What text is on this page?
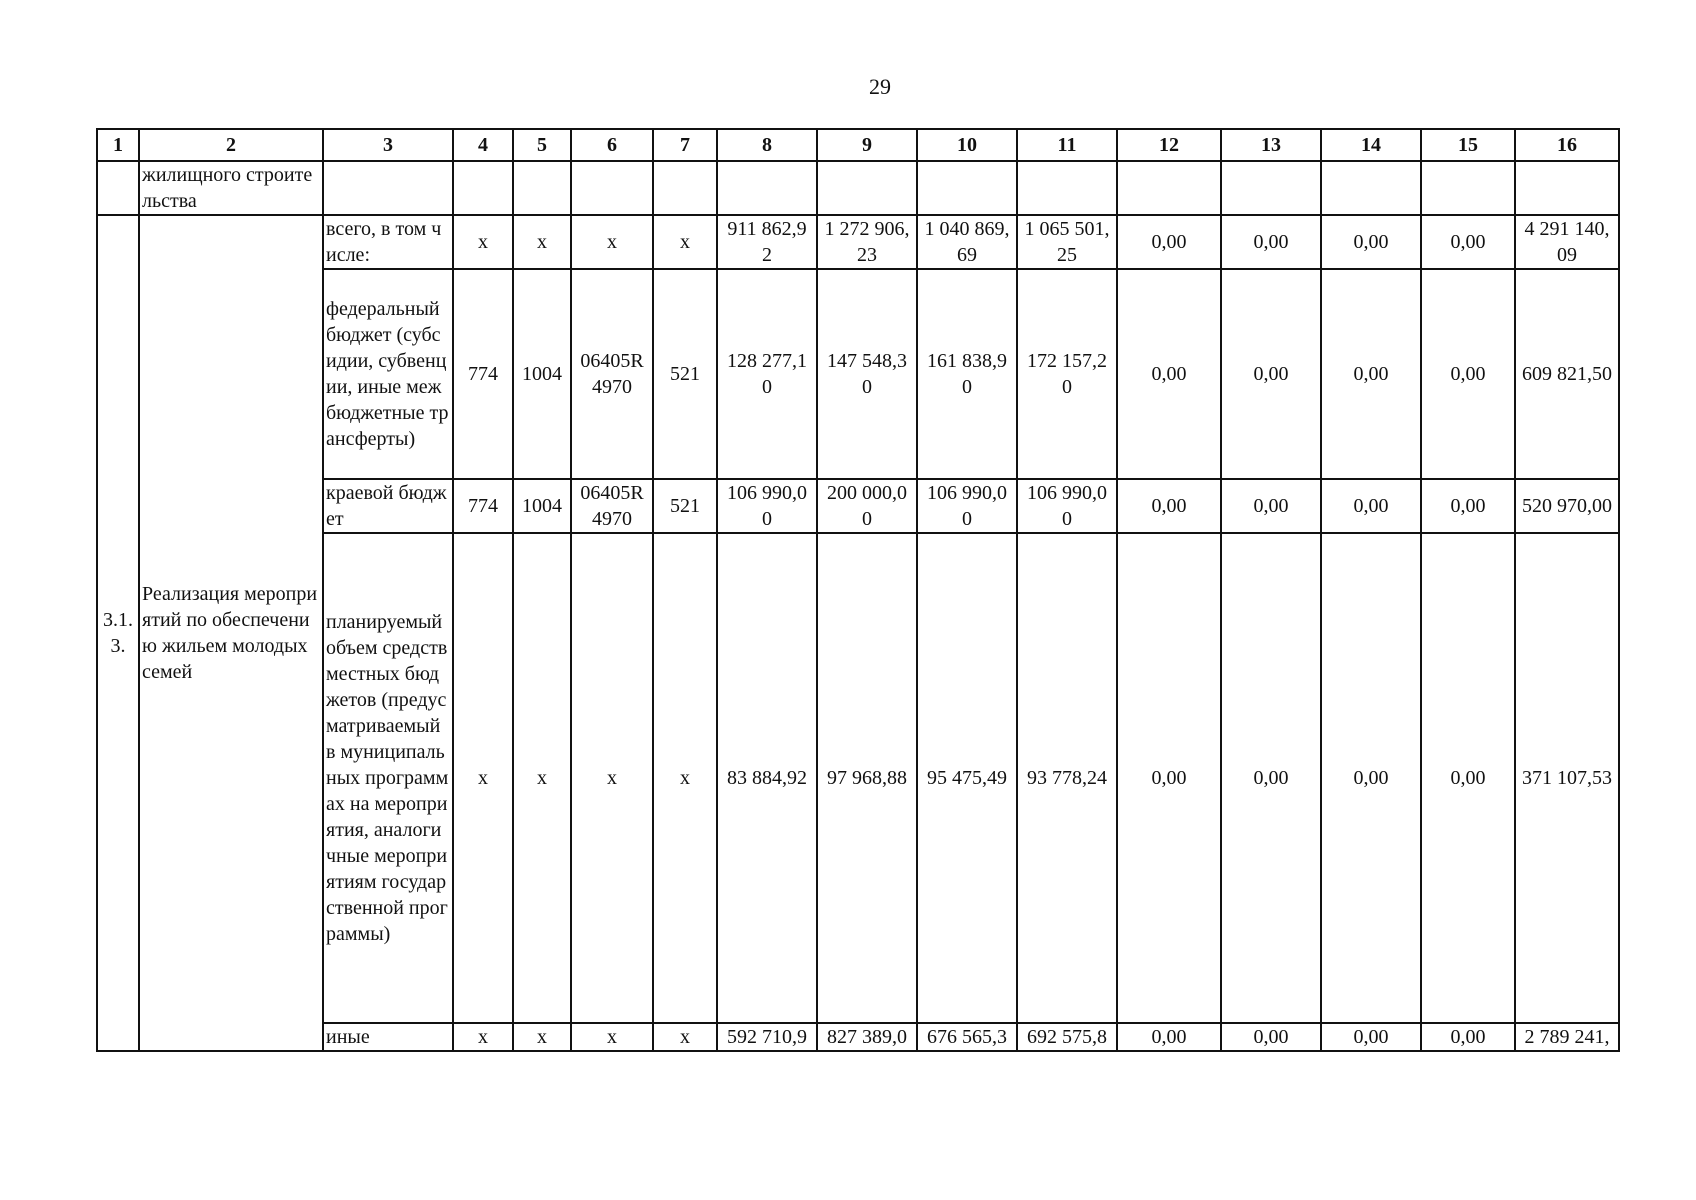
29
1	2	3	4	5	6	7	8	9	10	11	12	13	14	15	16
	жилищного строительства														
3.1. 3.	Реализация мероприятий по обеспечению жильем молодых семей	всего, в том числе:	x	x	x	x	911 862,9 2	1 272 906, 23	1 040 869, 69	1 065 501, 25	0,00	0,00	0,00	0,00	4 291 140, 09
		федеральный бюджет (субсидии, субвенции, иные межбюджетные трансферты)	774	1004	06405R 4970	521	128 277,1 0	147 548,3 0	161 838,9 0	172 157,2 0	0,00	0,00	0,00	0,00	609 821,50
		краевой бюджет	774	1004	06405R 4970	521	106 990,0 0	200 000,0 0	106 990,0 0	106 990,0 0	0,00	0,00	0,00	0,00	520 970,00
		планируемый объем средств местных бюджетов (предусматриваемый в муниципальных программах на мероприятия, аналогичные мероприятиям государственной программы)	x	x	x	x	83 884,92	97 968,88	95 475,49	93 778,24	0,00	0,00	0,00	0,00	371 107,53
		иные	x	x	x	x	592 710,9	827 389,0	676 565,3	692 575,8	0,00	0,00	0,00	0,00	2 789 241,
